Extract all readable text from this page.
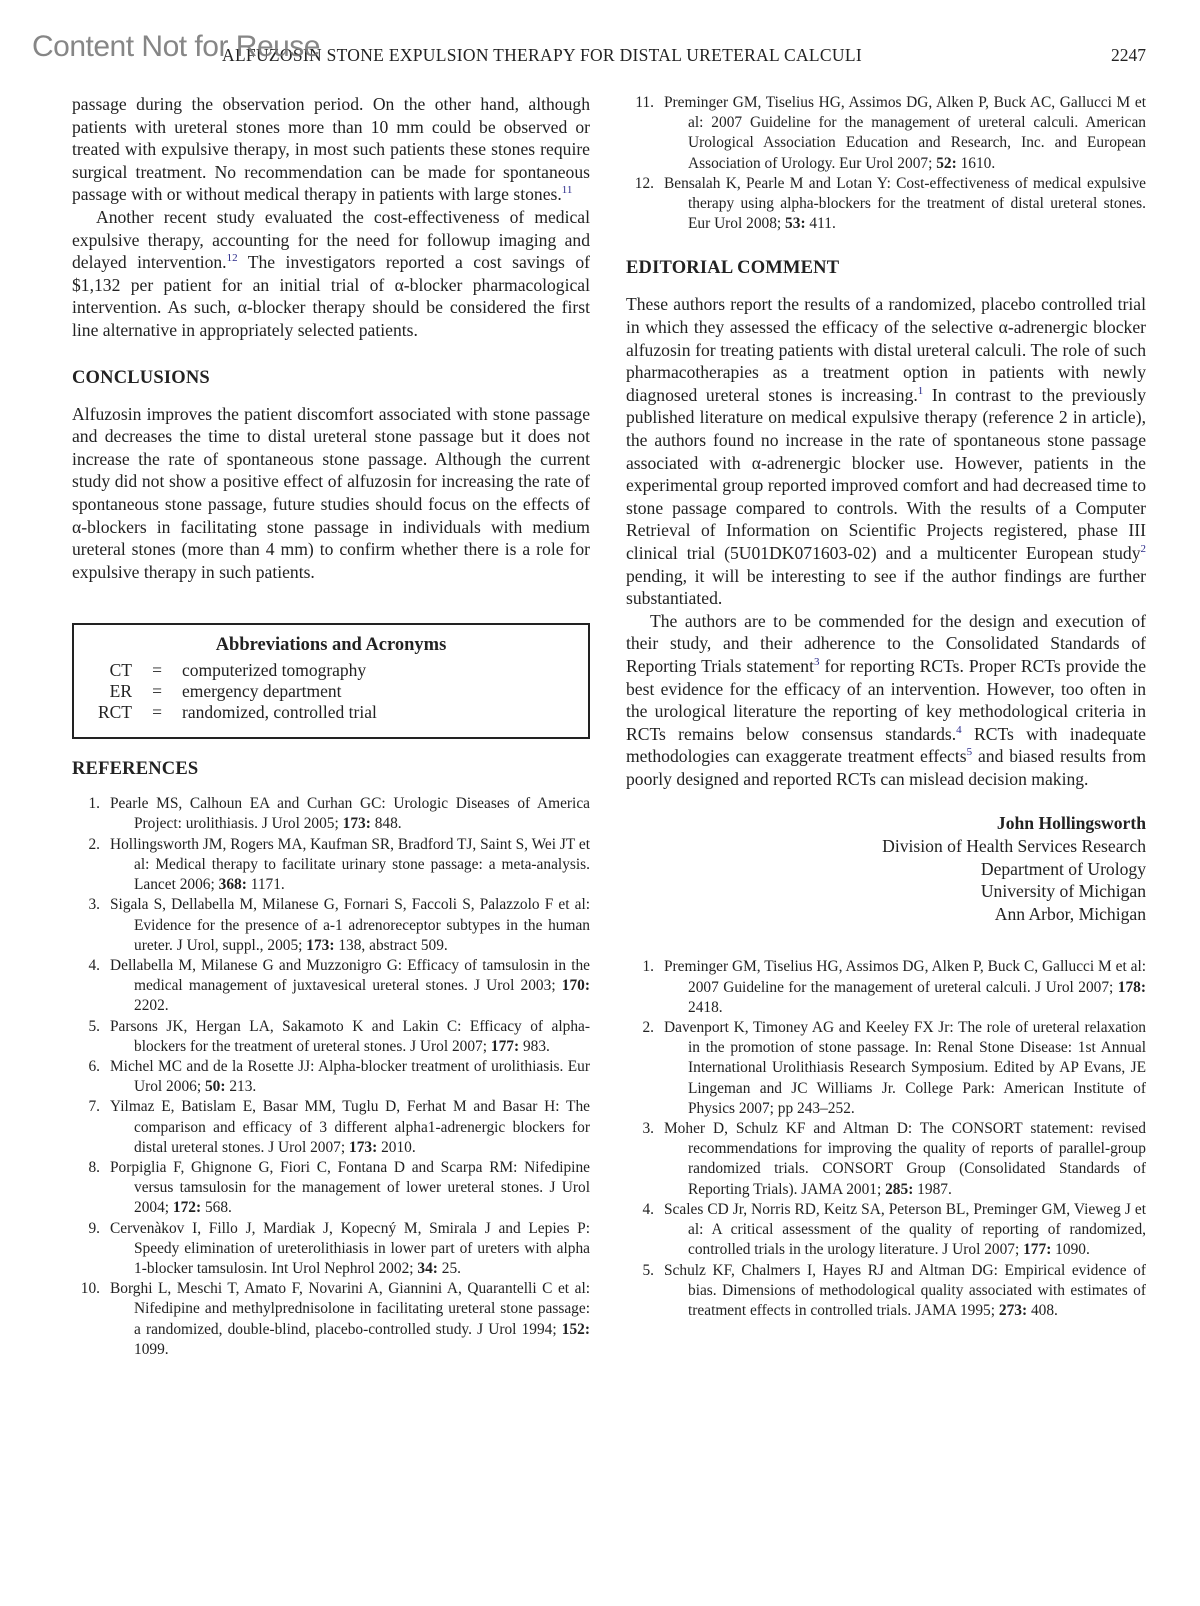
Content Not for Reuse
ALFUZOSIN STONE EXPULSION THERAPY FOR DISTAL URETERAL CALCULI	2247

passage during the observation period. On the other hand, although patients with ureteral stones more than 10 mm could be observed or treated with expulsive therapy, in most such patients these stones require surgical treatment. No recommendation can be made for spontaneous passage with or without medical therapy in patients with large stones.$^{11}$

Another recent study evaluated the cost-effectiveness of medical expulsive therapy, accounting for the need for followup imaging and delayed intervention.$^{12}$ The investigators reported a cost savings of $1,132 per patient for an initial trial of α-blocker pharmacological intervention. As such, α-blocker therapy should be considered the first line alternative in appropriately selected patients.

CONCLUSIONS

Alfuzosin improves the patient discomfort associated with stone passage and decreases the time to distal ureteral stone passage but it does not increase the rate of spontaneous stone passage. Although the current study did not show a positive effect of alfuzosin for increasing the rate of spontaneous stone passage, future studies should focus on the effects of α-blockers in facilitating stone passage in individuals with medium ureteral stones (more than 4 mm) to confirm whether there is a role for expulsive therapy in such patients.

Abbreviations and Acronyms
CT	=	computerized tomography
ER	=	emergency department
RCT	=	randomized, controlled trial
REFERENCES
1. Pearle MS, Calhoun EA and Curhan GC: Urologic Diseases of America Project: urolithiasis. J Urol 2005; 173: 848.
2. Hollingsworth JM, Rogers MA, Kaufman SR, Bradford TJ, Saint S, Wei JT et al: Medical therapy to facilitate urinary stone passage: a meta-analysis. Lancet 2006; 368: 1171.
3. Sigala S, Dellabella M, Milanese G, Fornari S, Faccoli S, Palazzolo F et al: Evidence for the presence of a-1 adrenoreceptor subtypes in the human ureter. J Urol, suppl., 2005; 173: 138, abstract 509.
4. Dellabella M, Milanese G and Muzzonigro G: Efficacy of tamsulosin in the medical management of juxtavesical ureteral stones. J Urol 2003; 170: 2202.
5. Parsons JK, Hergan LA, Sakamoto K and Lakin C: Efficacy of alpha-blockers for the treatment of ureteral stones. J Urol 2007; 177: 983.
6. Michel MC and de la Rosette JJ: Alpha-blocker treatment of urolithiasis. Eur Urol 2006; 50: 213.
7. Yilmaz E, Batislam E, Basar MM, Tuglu D, Ferhat M and Basar H: The comparison and efficacy of 3 different alpha1-adrenergic blockers for distal ureteral stones. J Urol 2007; 173: 2010.
8. Porpiglia F, Ghignone G, Fiori C, Fontana D and Scarpa RM: Nifedipine versus tamsulosin for the management of lower ureteral stones. J Urol 2004; 172: 568.
9. Cervenàkov I, Fillo J, Mardiak J, Kopecný M, Smirala J and Lepies P: Speedy elimination of ureterolithiasis in lower part of ureters with alpha 1-blocker tamsulosin. Int Urol Nephrol 2002; 34: 25.
10. Borghi L, Meschi T, Amato F, Novarini A, Giannini A, Quarantelli C et al: Nifedipine and methylprednisolone in facilitating ureteral stone passage: a randomized, double-blind, placebo-controlled study. J Urol 1994; 152: 1099.
11. Preminger GM, Tiselius HG, Assimos DG, Alken P, Buck AC, Gallucci M et al: 2007 Guideline for the management of ureteral calculi. American Urological Association Education and Research, Inc. and European Association of Urology. Eur Urol 2007; 52: 1610.
12. Bensalah K, Pearle M and Lotan Y: Cost-effectiveness of medical expulsive therapy using alpha-blockers for the treatment of distal ureteral stones. Eur Urol 2008; 53: 411.
EDITORIAL COMMENT

These authors report the results of a randomized, placebo controlled trial in which they assessed the efficacy of the selective α-adrenergic blocker alfuzosin for treating patients with distal ureteral calculi. The role of such pharmacotherapies as a treatment option in patients with newly diagnosed ureteral stones is increasing.$^1$ In contrast to the previously published literature on medical expulsive therapy (reference 2 in article), the authors found no increase in the rate of spontaneous stone passage associated with α-adrenergic blocker use. However, patients in the experimental group reported improved comfort and had decreased time to stone passage compared to controls. With the results of a Computer Retrieval of Information on Scientific Projects registered, phase III clinical trial (5U01DK071603-02) and a multicenter European study$^2$ pending, it will be interesting to see if the author findings are further substantiated.

The authors are to be commended for the design and execution of their study, and their adherence to the Consolidated Standards of Reporting Trials statement$^3$ for reporting RCTs. Proper RCTs provide the best evidence for the efficacy of an intervention. However, too often in the urological literature the reporting of key methodological criteria in RCTs remains below consensus standards.$^4$ RCTs with inadequate methodologies can exaggerate treatment effects$^5$ and biased results from poorly designed and reported RCTs can mislead decision making.

John Hollingsworth
Division of Health Services Research
Department of Urology
University of Michigan
Ann Arbor, Michigan
1. Preminger GM, Tiselius HG, Assimos DG, Alken P, Buck C, Gallucci M et al: 2007 Guideline for the management of ureteral calculi. J Urol 2007; 178: 2418.
2. Davenport K, Timoney AG and Keeley FX Jr: The role of ureteral relaxation in the promotion of stone passage. In: Renal Stone Disease: 1st Annual International Urolithiasis Research Symposium. Edited by AP Evans, JE Lingeman and JC Williams Jr. College Park: American Institute of Physics 2007; pp 243–252.
3. Moher D, Schulz KF and Altman D: The CONSORT statement: revised recommendations for improving the quality of reports of parallel-group randomized trials. CONSORT Group (Consolidated Standards of Reporting Trials). JAMA 2001; 285: 1987.
4. Scales CD Jr, Norris RD, Keitz SA, Peterson BL, Preminger GM, Vieweg J et al: A critical assessment of the quality of reporting of randomized, controlled trials in the urology literature. J Urol 2007; 177: 1090.
5. Schulz KF, Chalmers I, Hayes RJ and Altman DG: Empirical evidence of bias. Dimensions of methodological quality associated with estimates of treatment effects in controlled trials. JAMA 1995; 273: 408.
